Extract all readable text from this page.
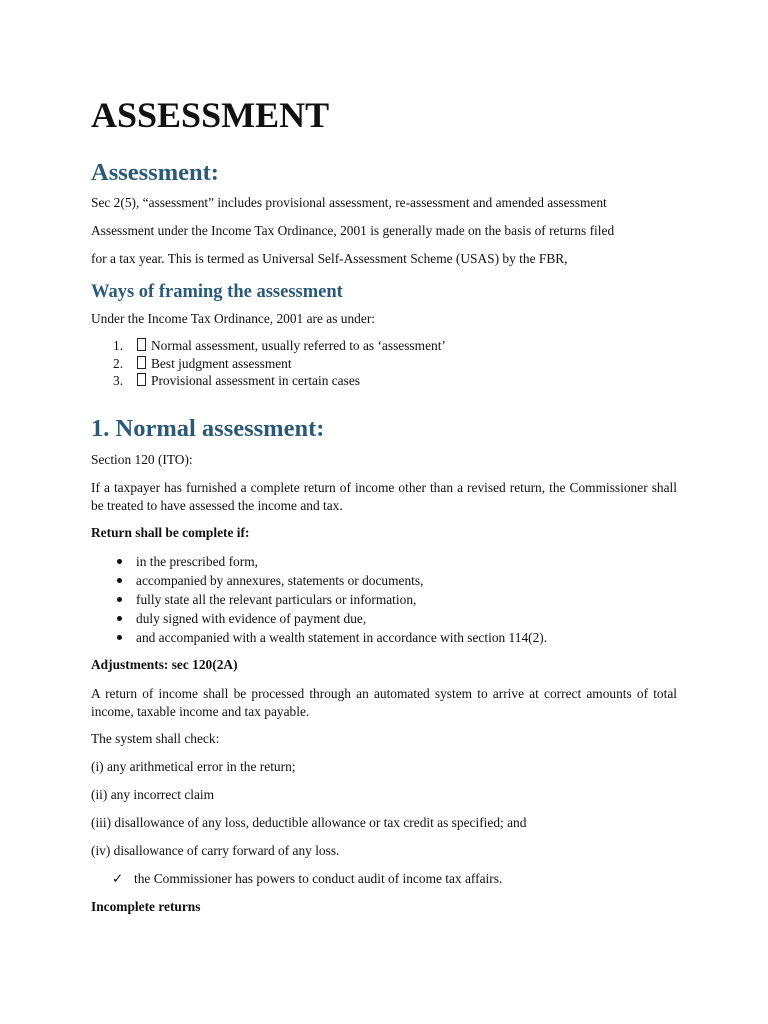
ASSESSMENT
Assessment:

Sec 2(5), “assessment” includes provisional assessment, re-assessment and amended assessment

Assessment under the Income Tax Ordinance, 2001 is generally made on the basis of returns filed

for a tax year. This is termed as Universal Self-Assessment Scheme (USAS) by the FBR,

Ways of framing the assessment

Under the Income Tax Ordinance, 2001 are as under:

1. Normal assessment, usually referred to as ‘assessment’
2. Best judgment assessment
3. Provisional assessment in certain cases
1. Normal assessment:

Section 120 (ITO):

If a taxpayer has furnished a complete return of income other than a revised return, the Commissioner shall be treated to have assessed the income and tax.

Return shall be complete if:

in the prescribed form,
accompanied by annexures, statements or documents,
fully state all the relevant particulars or information,
duly signed with evidence of payment due,
and accompanied with a wealth statement in accordance with section 114(2).

Adjustments: sec 120(2A)

A return of income shall be processed through an automated system to arrive at correct amounts of total income, taxable income and tax payable.

The system shall check:

(i) any arithmetical error in the return;

(ii) any incorrect claim

(iii) disallowance of any loss, deductible allowance or tax credit as specified; and

(iv) disallowance of carry forward of any loss.

✓ the Commissioner has powers to conduct audit of income tax affairs.

Incomplete returns
